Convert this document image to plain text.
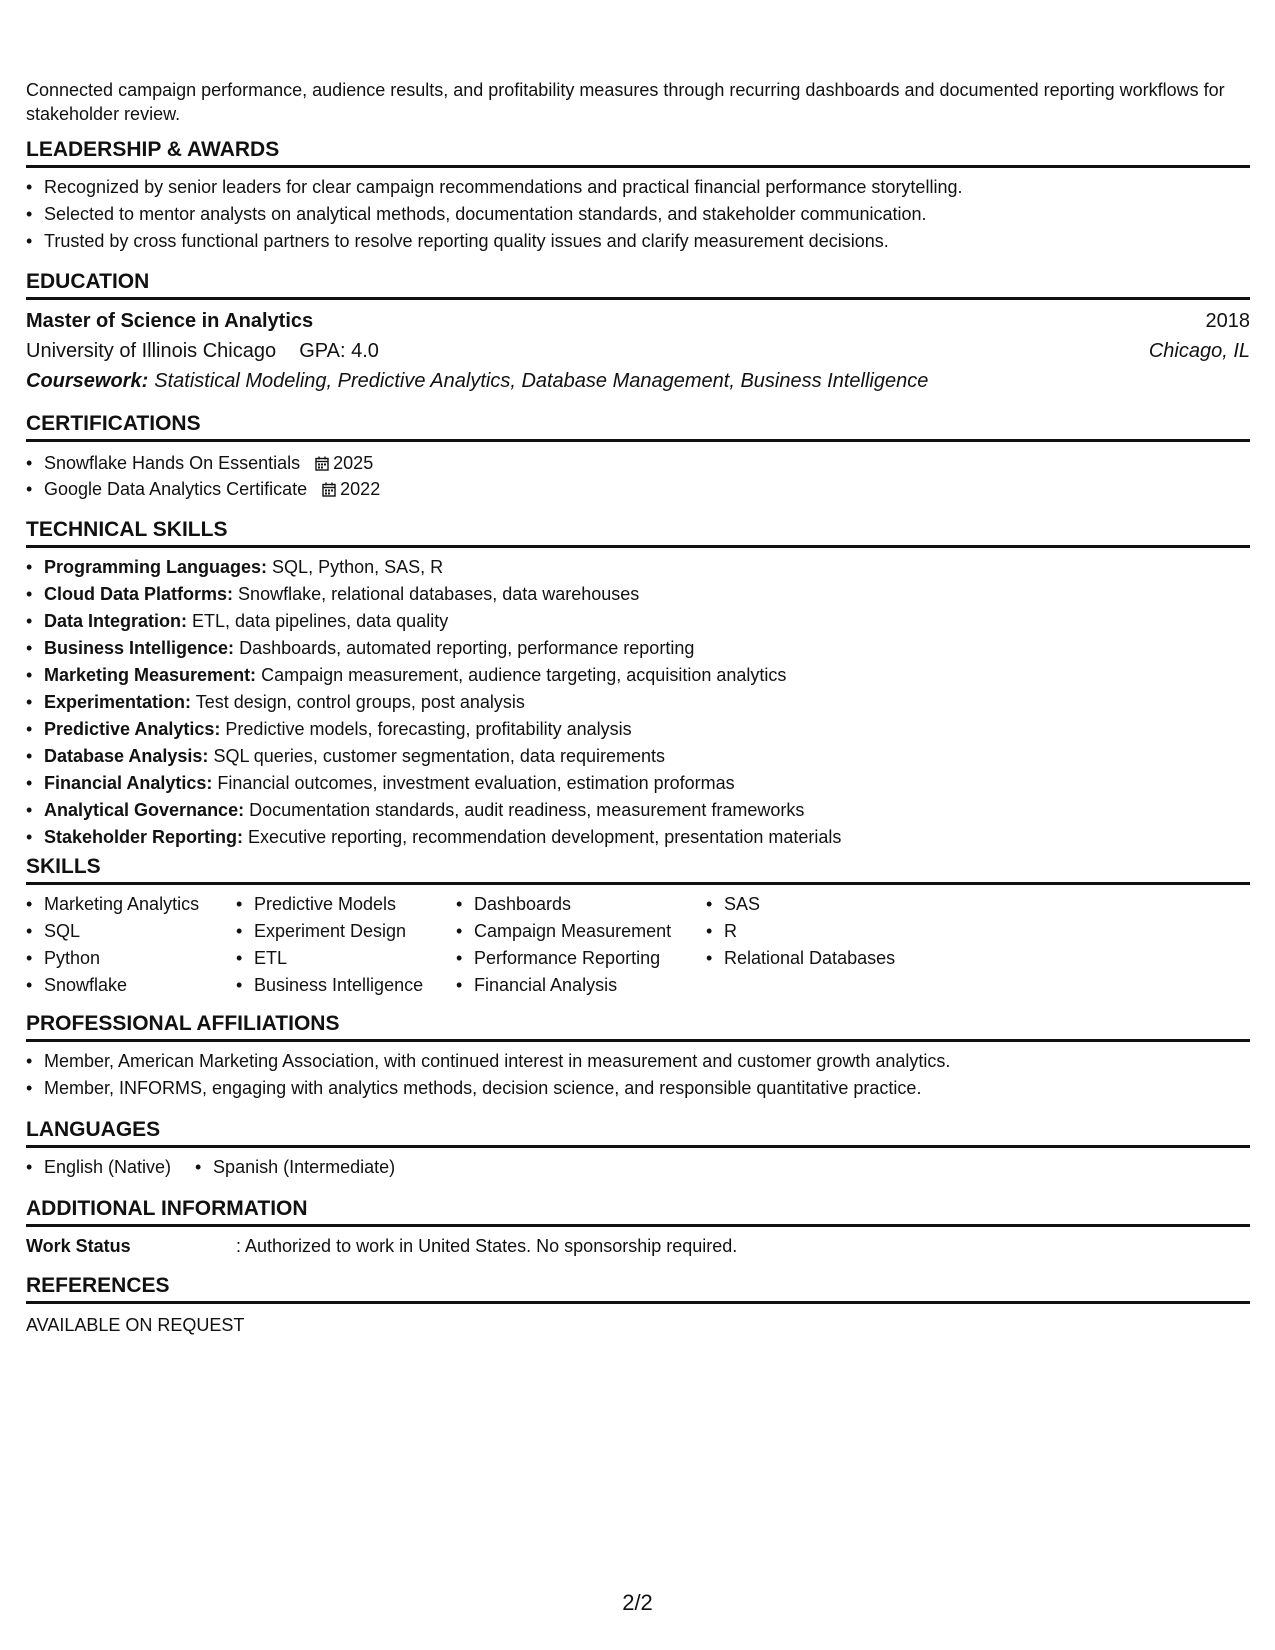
Connected campaign performance, audience results, and profitability measures through recurring dashboards and documented reporting workflows for stakeholder review.

LEADERSHIP & AWARDS
• Recognized by senior leaders for clear campaign recommendations and practical financial performance storytelling.
• Selected to mentor analysts on analytical methods, documentation standards, and stakeholder communication.
• Trusted by cross functional partners to resolve reporting quality issues and clarify measurement decisions.
EDUCATION
Master of Science in Analytics	2018
University of Illinois Chicago GPA: 4.0	Chicago, IL
Coursework: Statistical Modeling, Predictive Analytics, Database Management, Business Intelligence
CERTIFICATIONS
• Snowflake Hands On Essentials 2025
• Google Data Analytics Certificate 2022
TECHNICAL SKILLS
• Programming Languages: SQL, Python, SAS, R
• Cloud Data Platforms: Snowflake, relational databases, data warehouses
• Data Integration: ETL, data pipelines, data quality
• Business Intelligence: Dashboards, automated reporting, performance reporting
• Marketing Measurement: Campaign measurement, audience targeting, acquisition analytics
• Experimentation: Test design, control groups, post analysis
• Predictive Analytics: Predictive models, forecasting, profitability analysis
• Database Analysis: SQL queries, customer segmentation, data requirements
• Financial Analytics: Financial outcomes, investment evaluation, estimation proformas
• Analytical Governance: Documentation standards, audit readiness, measurement frameworks
• Stakeholder Reporting: Executive reporting, recommendation development, presentation materials
SKILLS
• Marketing Analytics
• SQL
• Python
• Snowflake
• Predictive Models
• Experiment Design
• ETL
• Business Intelligence
• Dashboards
• Campaign Measurement
• Performance Reporting
• Financial Analysis
• SAS
• R
• Relational Databases
PROFESSIONAL AFFILIATIONS
• Member, American Marketing Association, with continued interest in measurement and customer growth analytics.
• Member, INFORMS, engaging with analytics methods, decision science, and responsible quantitative practice.
LANGUAGES
• English (Native)
•	Spanish (Intermediate)
ADDITIONAL INFORMATION
Work Status	: Authorized to work in United States. No sponsorship required.
REFERENCES
AVAILABLE ON REQUEST
2/2
